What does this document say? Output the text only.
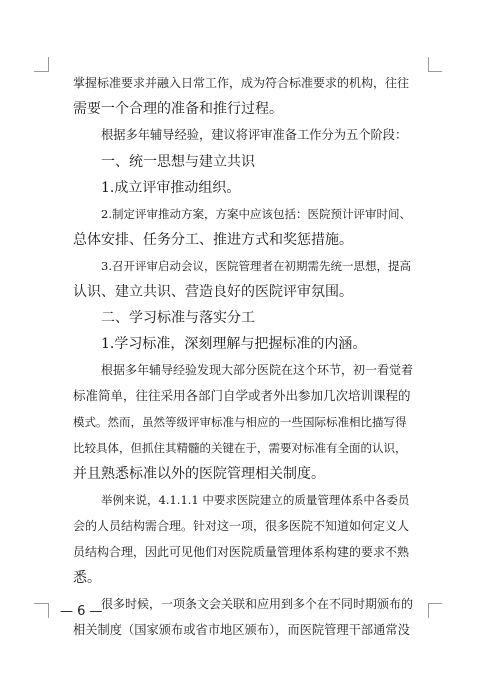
掌握标准要求并融入日常工作，成为符合标准要求的机构，往往
需要一个合理的准备和推行过程。
根据多年辅导经验，建议将评审准备工作分为五个阶段：
一、统一思想与建立共识
1.成立评审推动组织。
2.制定评审推动方案，方案中应该包括：医院预计评审时间、
总体安排、任务分工、推进方式和奖惩措施。
3.召开评审启动会议，医院管理者在初期需先统一思想，提高
认识、建立共识、营造良好的医院评审氛围。
二、学习标准与落实分工
1.学习标准，深刻理解与把握标准的内涵。
根据多年辅导经验发现大部分医院在这个环节，初一看觉着
标准简单，往往采用各部门自学或者外出参加几次培训课程的
模式。然而，虽然等级评审标准与相应的一些国际标准相比描写得
比较具体，但抓住其精髓的关键在于，需要对标准有全面的认识，
并且熟悉标准以外的医院管理相关制度。
举例来说，4.1.1.1 中要求医院建立的质量管理体系中各委员
会的人员结构需合理。针对这一项，很多医院不知道如何定义人
员结构合理，因此可见他们对医院质量管理体系构建的要求不熟
悉。
很多时候，一项条文会关联和应用到多个在不同时期颁布的
相关制度（国家颁布或省市地区颁布），而医院管理干部通常没
— 6 —
